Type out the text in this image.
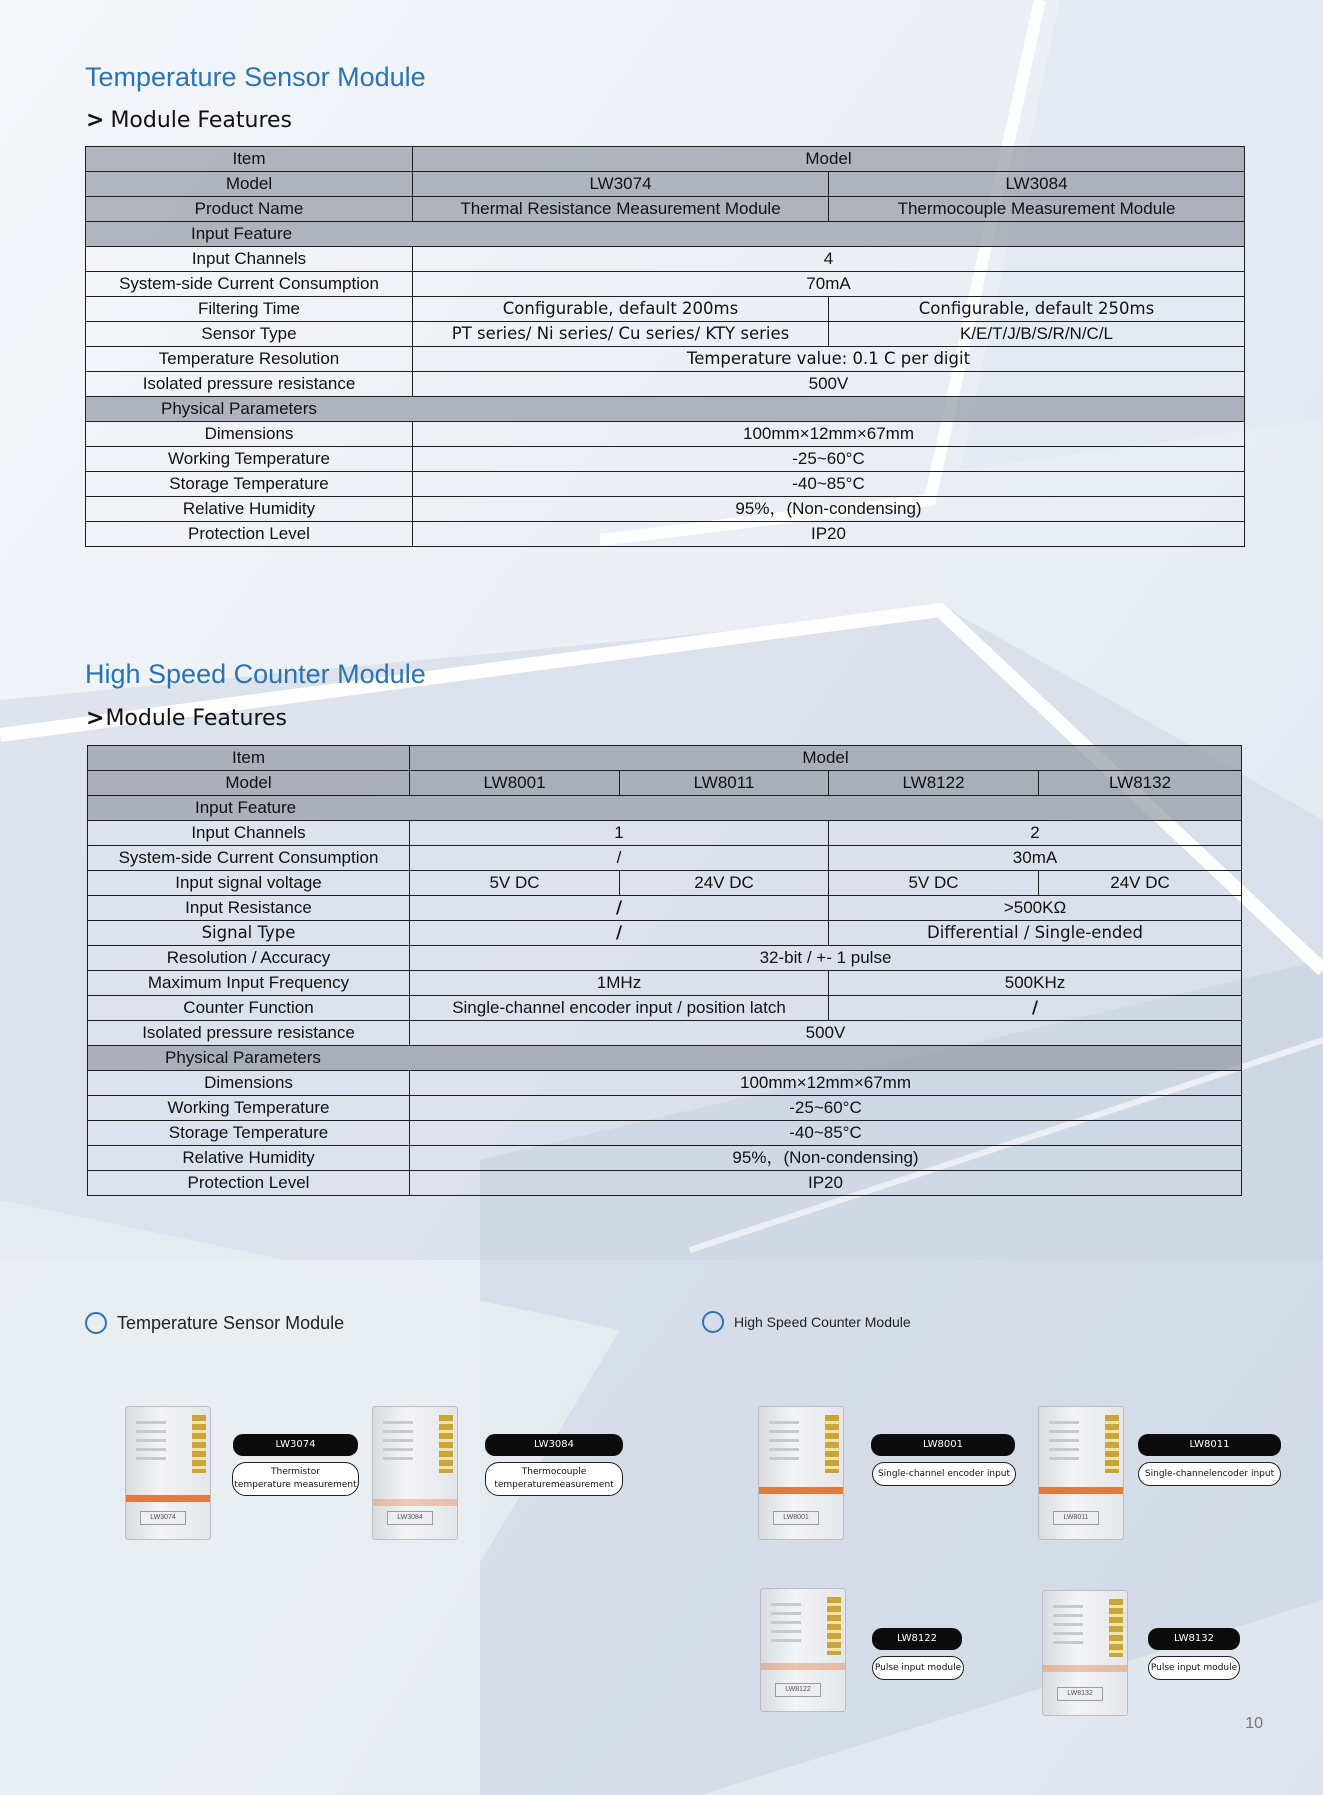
Temperature Sensor Module
> Module Features
Item	Model	
Model	LW3074	LW3084
Product Name	Thermal Resistance Measurement Module	Thermocouple Measurement Module
Input Feature		
Input Channels	4	
System-side Current Consumption	70mA	
Filtering Time	Configurable, default 200ms	Configurable, default 250ms
Sensor Type	PT series/ Ni series/ Cu series/ KTY series	K/E/T/J/B/S/R/N/C/L
Temperature Resolution	Temperature value: 0.1 C per digit	
Isolated pressure resistance	500V	
Physical Parameters		
Dimensions	100mm×12mm×67mm	
Working Temperature	-25~60°C	
Storage Temperature	-40~85°C	
Relative Humidity	95%，(Non-condensing)	
Protection Level	IP20	
High Speed Counter Module
>Module Features
Item	Model			
Model	LW8001	LW8011	LW8122	LW8132
Input Feature				
Input Channels	1		2	
System-side Current Consumption	/		30mA	
Input signal voltage	5V DC	24V DC	5V DC	24V DC
Input Resistance	/		>500KΩ	
Signal Type	/		Differential / Single-ended	
Resolution / Accuracy	32-bit / +- 1 pulse			
Maximum Input Frequency	1MHz		500KHz	
Counter Function	Single-channel encoder input / position latch		/	
Isolated pressure resistance	500V			
Physical Parameters				
Dimensions	100mm×12mm×67mm			
Working Temperature	-25~60°C			
Storage Temperature	-40~85°C			
Relative Humidity	95%，(Non-condensing)			
Protection Level	IP20			
Temperature Sensor Module	High Speed Counter Module
LW3074
LW3074
Thermistor
temperature measurement
LW3084
LW3084
Thermocouple
temperaturemeasurement
LW8001
LW8001
Single-channel encoder input
LW8011
LW8011
Single-channelencoder input
LW8122
LW8122
Pulse input module
LW8132
LW8132
Pulse input module
10
